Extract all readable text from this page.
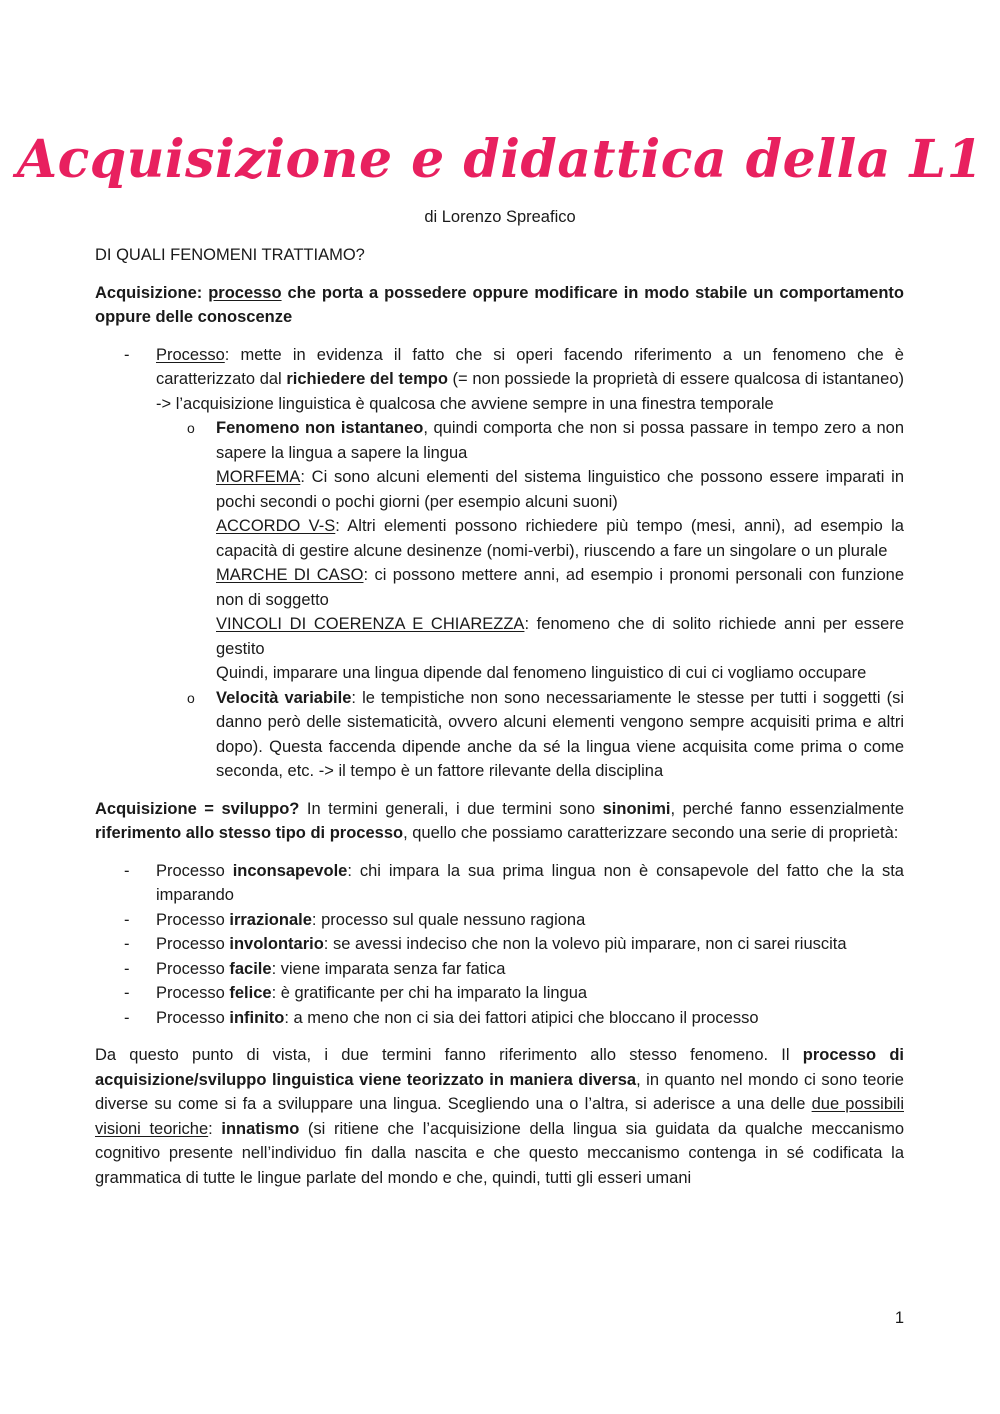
Acquisizione e didattica della L1
di Lorenzo Spreafico

DI QUALI FENOMENI TRATTIAMO?

Acquisizione: processo che porta a possedere oppure modificare in modo stabile un comportamento oppure delle conoscenze

- Processo: mette in evidenza il fatto che si operi facendo riferimento a un fenomeno che è caratterizzato dal richiedere del tempo (= non possiede la proprietà di essere qualcosa di istantaneo) -> l’acquisizione linguistica è qualcosa che avviene sempre in una finestra temporale
o Fenomeno non istantaneo, quindi comporta che non si possa passare in tempo zero a non sapere la lingua a sapere la lingua
MORFEMA: Ci sono alcuni elementi del sistema linguistico che possono essere imparati in pochi secondi o pochi giorni (per esempio alcuni suoni)
ACCORDO V-S: Altri elementi possono richiedere più tempo (mesi, anni), ad esempio la capacità di gestire alcune desinenze (nomi-verbi), riuscendo a fare un singolare o un plurale
MARCHE DI CASO: ci possono mettere anni, ad esempio i pronomi personali con funzione non di soggetto
VINCOLI DI COERENZA E CHIAREZZA: fenomeno che di solito richiede anni per essere gestito
Quindi, imparare una lingua dipende dal fenomeno linguistico di cui ci vogliamo occupare
o Velocità variabile: le tempistiche non sono necessariamente le stesse per tutti i soggetti (si danno però delle sistematicità, ovvero alcuni elementi vengono sempre acquisiti prima e altri dopo). Questa faccenda dipende anche da sé la lingua viene acquisita come prima o come seconda, etc. -> il tempo è un fattore rilevante della disciplina

Acquisizione = sviluppo? In termini generali, i due termini sono sinonimi, perché fanno essenzialmente riferimento allo stesso tipo di processo, quello che possiamo caratterizzare secondo una serie di proprietà:

- Processo inconsapevole: chi impara la sua prima lingua non è consapevole del fatto che la sta imparando
- Processo irrazionale: processo sul quale nessuno ragiona
- Processo involontario: se avessi indeciso che non la volevo più imparare, non ci sarei riuscita
- Processo facile: viene imparata senza far fatica
- Processo felice: è gratificante per chi ha imparato la lingua
- Processo infinito: a meno che non ci sia dei fattori atipici che bloccano il processo

Da questo punto di vista, i due termini fanno riferimento allo stesso fenomeno. Il processo di acquisizione/sviluppo linguistica viene teorizzato in maniera diversa, in quanto nel mondo ci sono teorie diverse su come si fa a sviluppare una lingua. Scegliendo una o l’altra, si aderisce a una delle due possibili visioni teoriche: innatismo (si ritiene che l’acquisizione della lingua sia guidata da qualche meccanismo cognitivo presente nell’individuo fin dalla nascita e che questo meccanismo contenga in sé codificata la grammatica di tutte le lingue parlate del mondo e che, quindi, tutti gli esseri umani

1
